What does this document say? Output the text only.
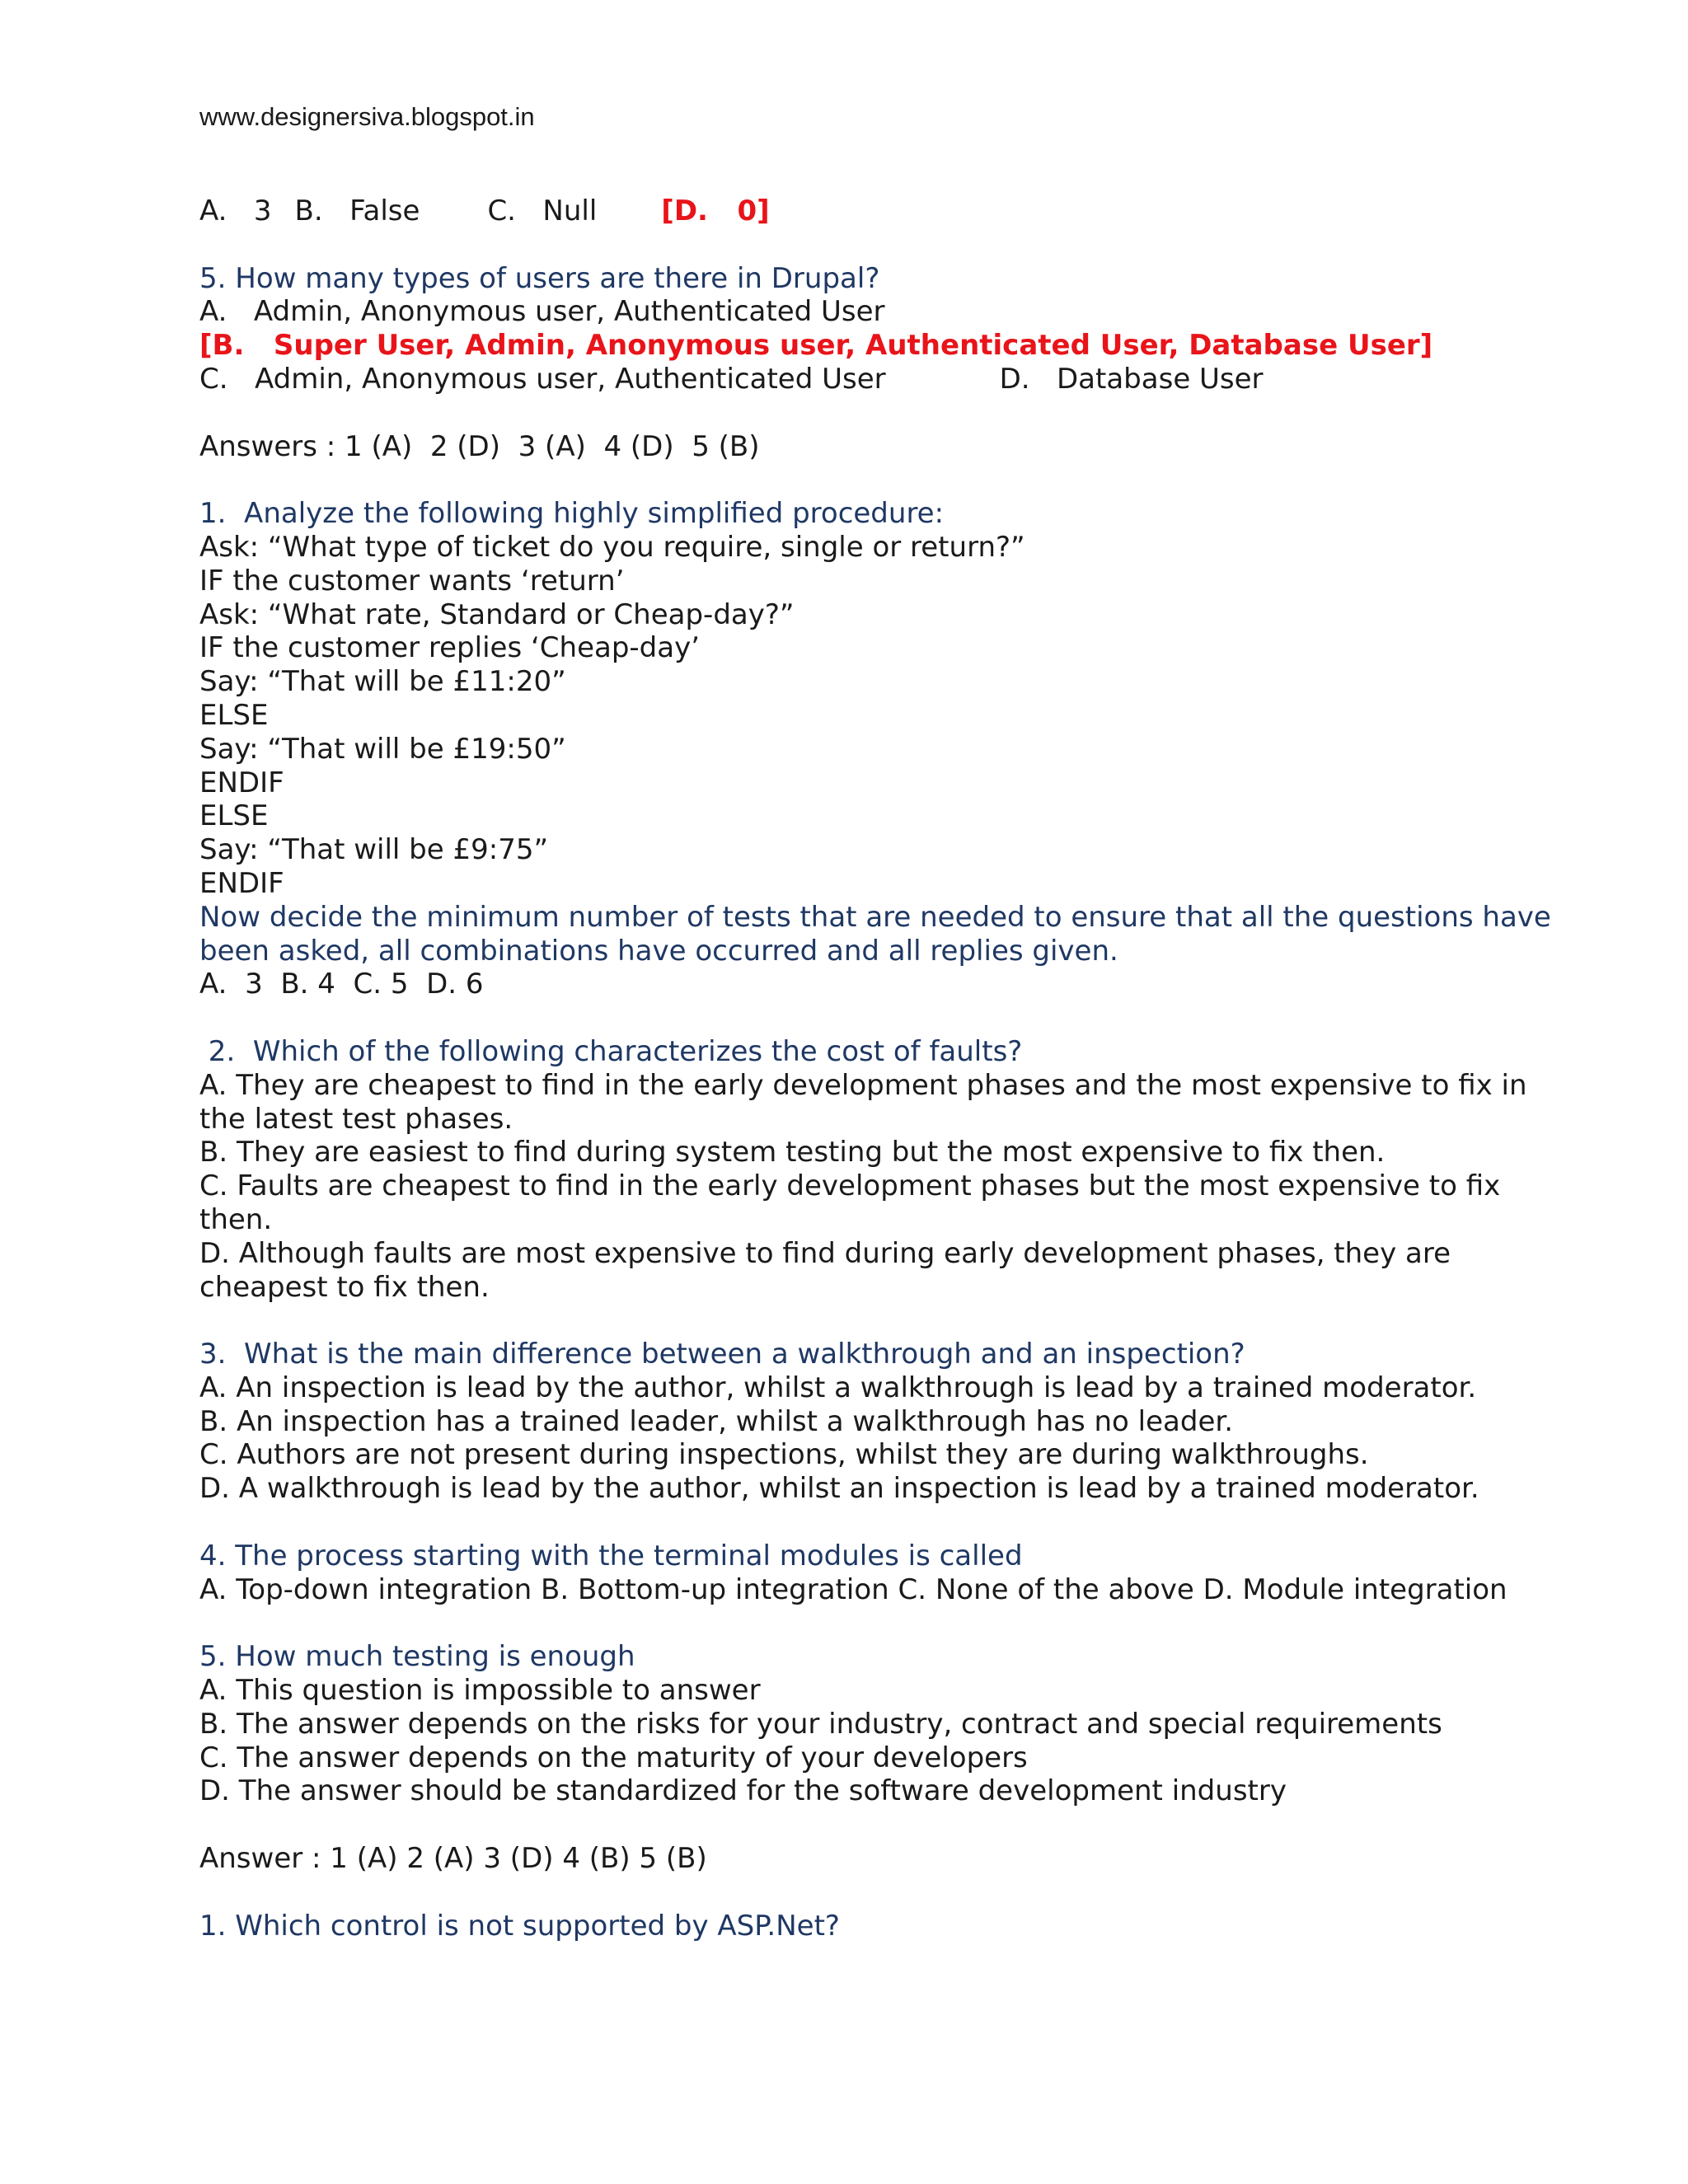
www.designersiva.blogspot.in
A.   3 B.   False C.   Null [D.   0]
5. How many types of users are there in Drupal?
A.   Admin, Anonymous user, Authenticated User
[B.   Super User, Admin, Anonymous user, Authenticated User, Database User]
C.   Admin, Anonymous user, Authenticated User	D.   Database User
Answers : 1 (A)  2 (D)  3 (A)  4 (D)  5 (B)
1.  Analyze the following highly simplified procedure:
Ask: “What type of ticket do you require, single or return?”
IF the customer wants ‘return’
Ask: “What rate, Standard or Cheap-day?”
IF the customer replies ‘Cheap-day’
Say: “That will be £11:20”
ELSE
Say: “That will be £19:50”
ENDIF
ELSE
Say: “That will be £9:75”
ENDIF
Now decide the minimum number of tests that are needed to ensure that all the questions have been asked, all combinations have occurred and all replies given.
A.  3  B. 4  C. 5  D. 6
2.  Which of the following characterizes the cost of faults?
A. They are cheapest to find in the early development phases and the most expensive to fix in the latest test phases.
B. They are easiest to find during system testing but the most expensive to fix then.
C. Faults are cheapest to find in the early development phases but the most expensive to fix then.
D. Although faults are most expensive to find during early development phases, they are cheapest to fix then.
3.  What is the main difference between a walkthrough and an inspection?
A. An inspection is lead by the author, whilst a walkthrough is lead by a trained moderator.
B. An inspection has a trained leader, whilst a walkthrough has no leader.
C. Authors are not present during inspections, whilst they are during walkthroughs.
D. A walkthrough is lead by the author, whilst an inspection is lead by a trained moderator.
4. The process starting with the terminal modules is called
A. Top-down integration B. Bottom-up integration C. None of the above D. Module integration
5. How much testing is enough
A. This question is impossible to answer
B. The answer depends on the risks for your industry, contract and special requirements
C. The answer depends on the maturity of your developers
D. The answer should be standardized for the software development industry
Answer : 1 (A) 2 (A) 3 (D) 4 (B) 5 (B)
1. Which control is not supported by ASP.Net?
